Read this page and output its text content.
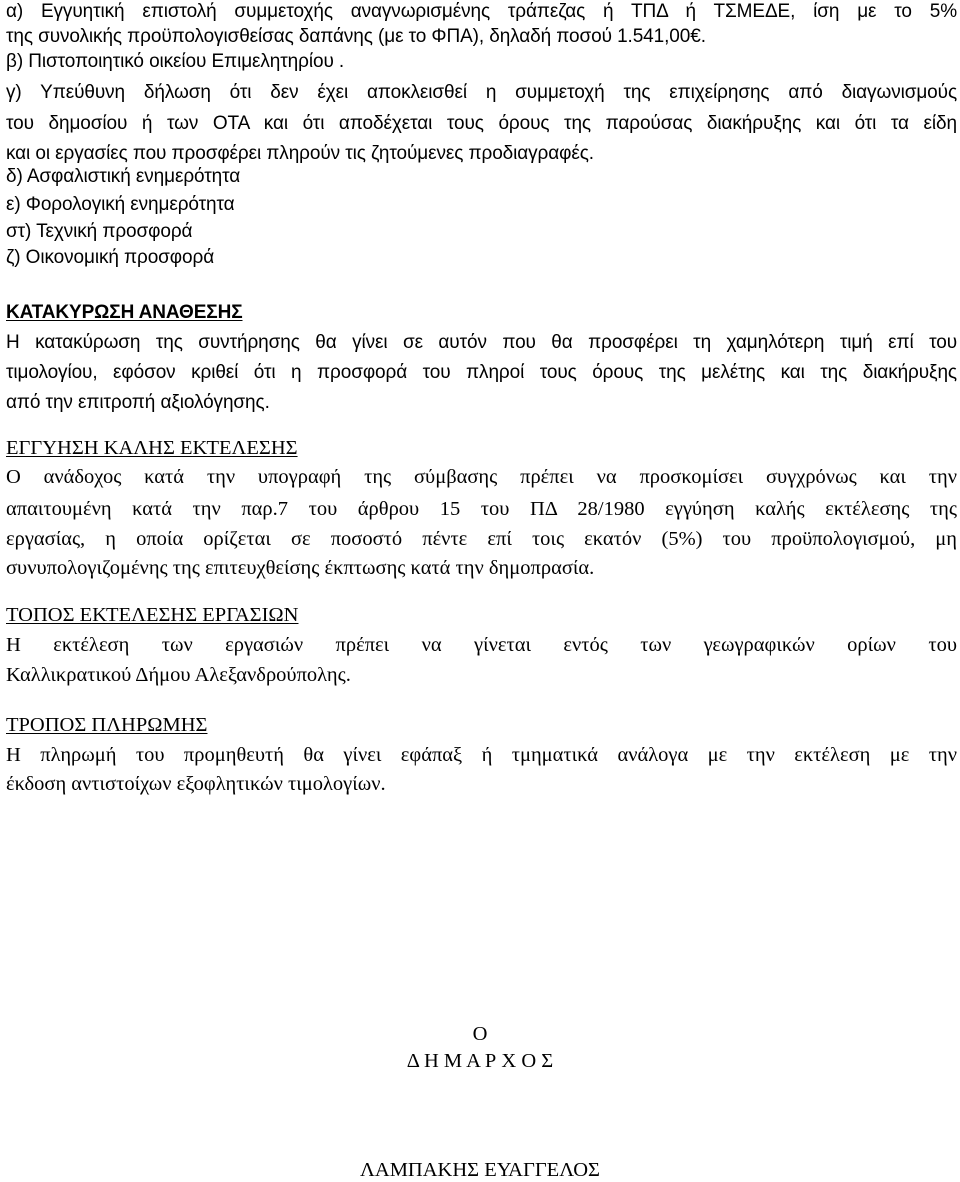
α) Εγγυητική επιστολή συμμετοχής αναγνωρισμένης τράπεζας ή ΤΠΔ ή ΤΣΜΕΔΕ, ίση με το 5%
της συνολικής προϋπολογισθείσας δαπάνης (με το ΦΠΑ), δηλαδή ποσού 1.541,00€.
β) Πιστοποιητικό οικείου Επιμελητηρίου .
γ) Υπεύθυνη δήλωση ότι δεν έχει αποκλεισθεί η συμμετοχή της επιχείρησης από διαγωνισμούς
του δημοσίου ή των ΟΤΑ και ότι αποδέχεται τους όρους της παρούσας διακήρυξης και ότι τα είδη
και οι εργασίες που προσφέρει πληρούν τις ζητούμενες προδιαγραφές.
δ) Ασφαλιστική ενημερότητα
ε) Φορολογική ενημερότητα
στ) Τεχνική προσφορά
ζ) Οικονομική προσφορά
ΚΑΤΑΚΥΡΩΣΗ ΑΝΑΘΕΣΗΣ
Η κατακύρωση της συντήρησης θα γίνει σε αυτόν που θα προσφέρει τη χαμηλότερη τιμή επί του
τιμολογίου, εφόσον κριθεί ότι η προσφορά του πληροί τους όρους της μελέτης και της διακήρυξης
από την επιτροπή αξιολόγησης.
ΕΓΓΥΗΣΗ ΚΑΛΗΣ ΕΚΤΕΛΕΣΗΣ
Ο ανάδοχος κατά την υπογραφή της σύμβασης πρέπει να προσκομίσει συγχρόνως και την
απαιτουμένη κατά την παρ.7 του άρθρου 15 του ΠΔ 28/1980 εγγύηση καλής εκτέλεσης της
εργασίας, η οποία ορίζεται σε ποσοστό πέντε επί τοις εκατόν (5%) του προϋπολογισμού, μη
συνυπολογιζομένης της επιτευχθείσης έκπτωσης κατά την δημοπρασία.
ΤΟΠΟΣ ΕΚΤΕΛΕΣΗΣ ΕΡΓΑΣΙΩΝ
Η εκτέλεση των εργασιών πρέπει να γίνεται εντός των γεωγραφικών ορίων του
Καλλικρατικού Δήμου Αλεξανδρούπολης.
ΤΡΟΠΟΣ ΠΛΗΡΩΜΗΣ
Η πληρωμή του προμηθευτή θα γίνει εφάπαξ ή τμηματικά ανάλογα με την εκτέλεση με την
έκδοση αντιστοίχων εξοφλητικών τιμολογίων.
Ο
Δ Η Μ Α Ρ Χ Ο Σ
ΛΑΜΠΑΚΗΣ ΕΥΑΓΓΕΛΟΣ
